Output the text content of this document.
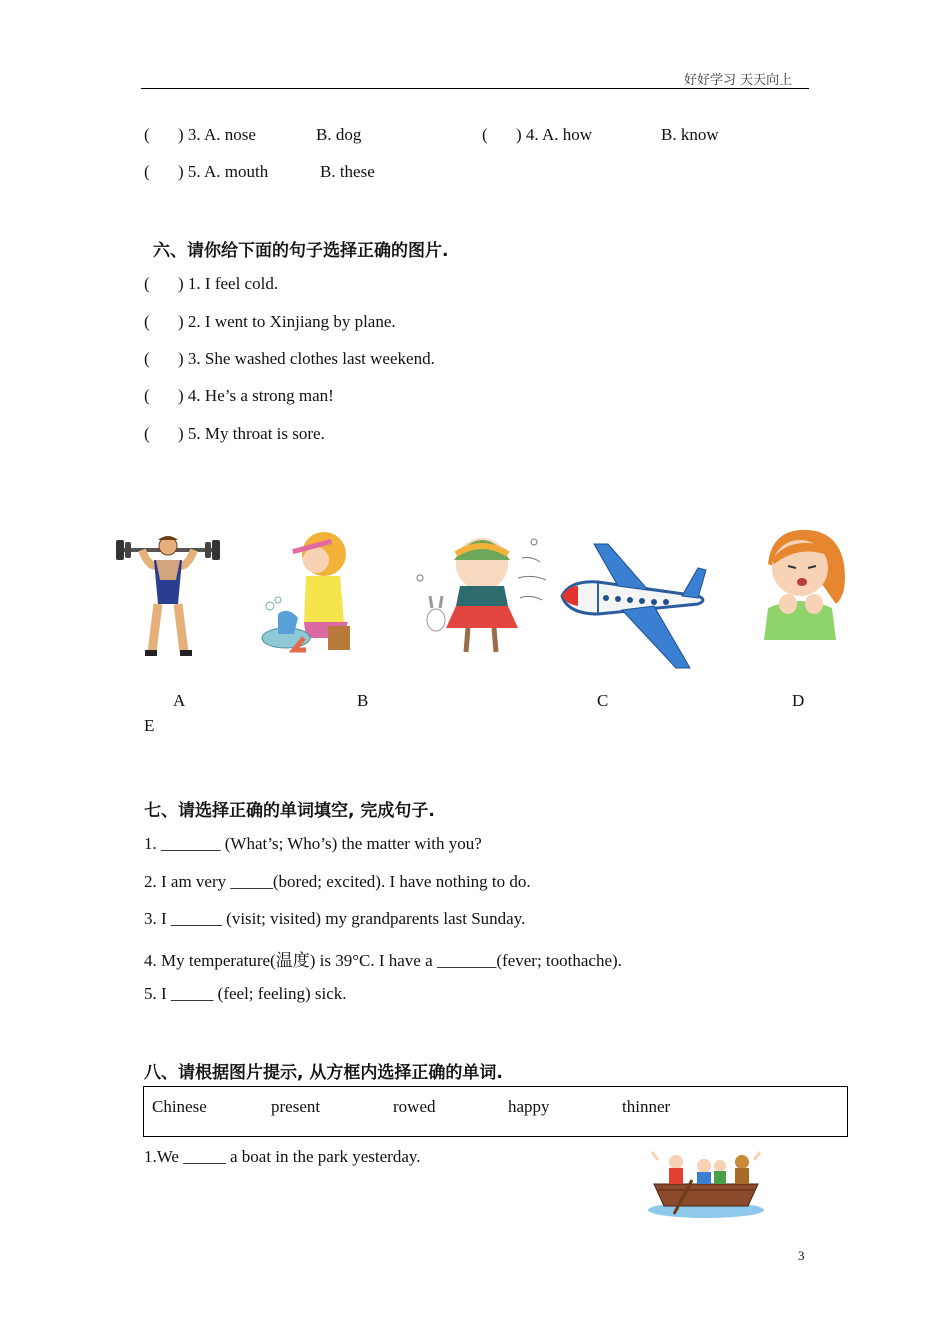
好好学习 天天向上
( ) 3. A. nose	B. dog	( ) 4. A. how	B. know
( ) 5. A. mouth	B. these
六、请你给下面的句子选择正确的图片.
( ) 1. I feel cold.
( ) 2. I went to Xinjiang by plane.
( ) 3. She washed clothes last weekend.
( ) 4. He’s a strong man!
( ) 5. My throat is sore.
A	B	C	D
E
七、请选择正确的单词填空, 完成句子.
1. _______ (What’s; Who’s) the matter with you?
2. I am very _____(bored; excited). I have nothing to do.
3. I ______ (visit; visited) my grandparents last Sunday.
4. My temperature(温度) is 39°C. I have a _______(fever; toothache).
5. I _____ (feel; feeling) sick.
八、请根据图片提示, 从方框内选择正确的单词.
Chinese	present	rowed	happy	thinner
1.We _____ a boat in the park yesterday.
3
